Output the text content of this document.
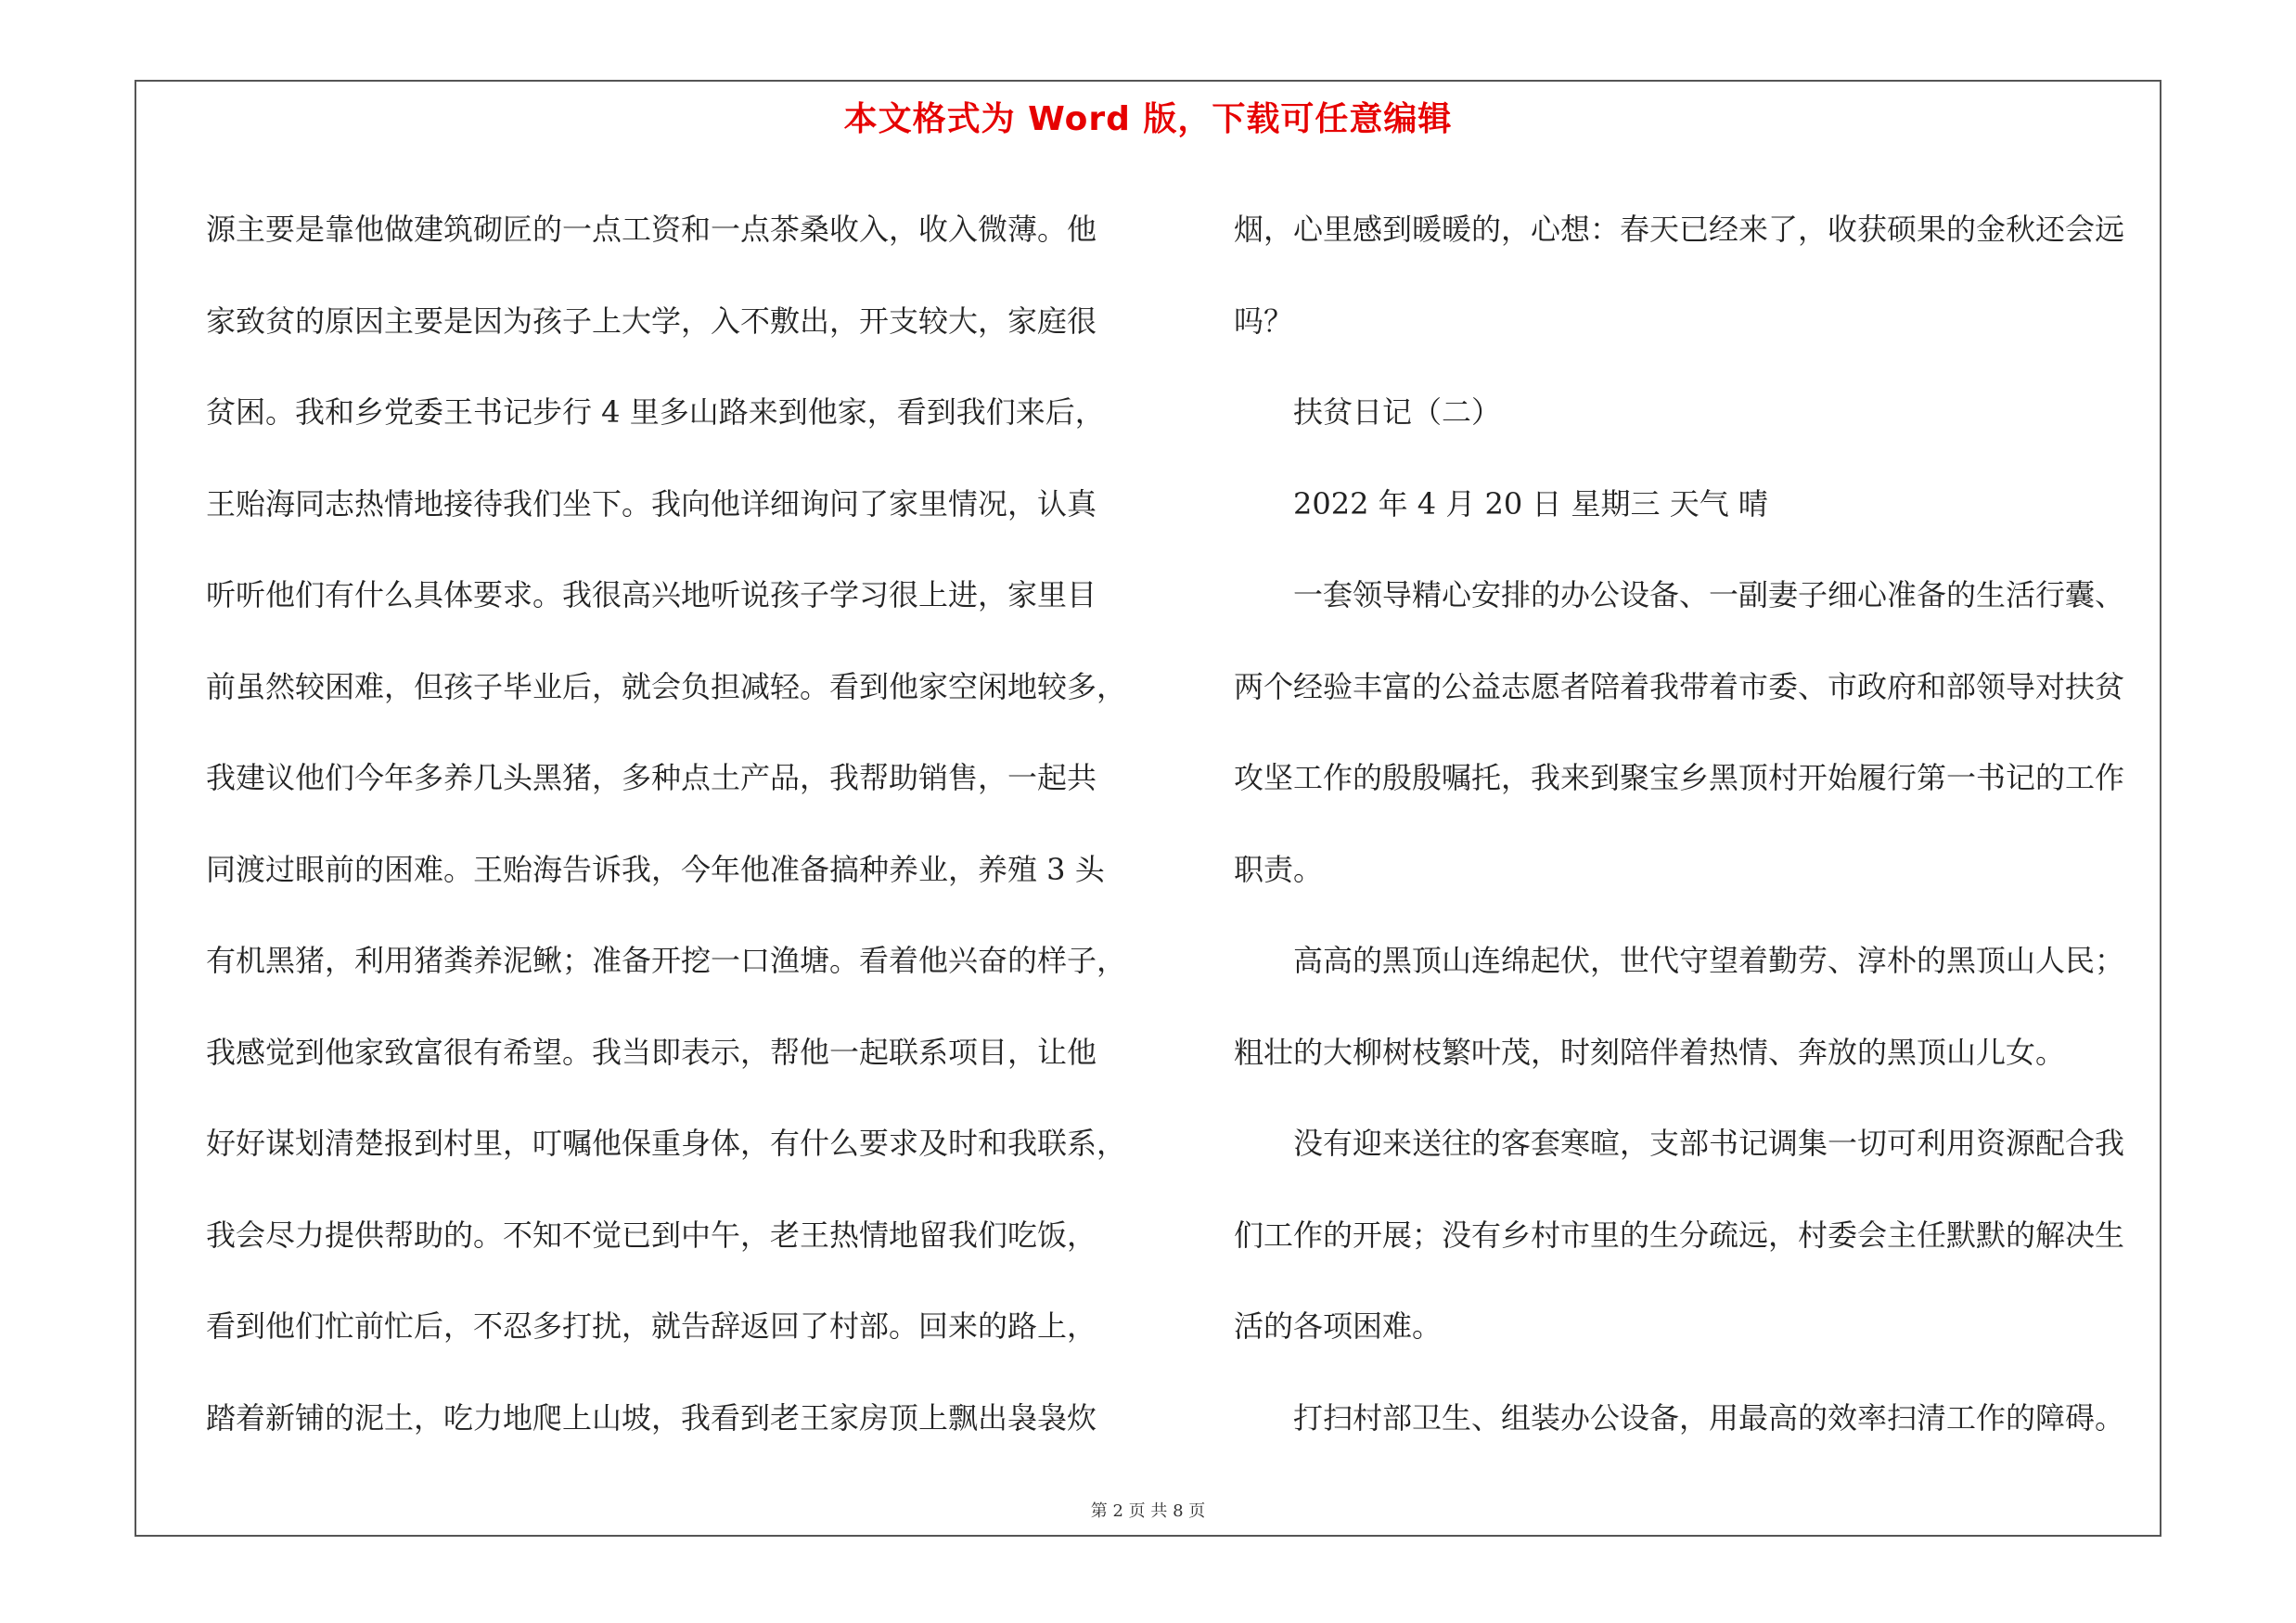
本文格式为 Word 版，下载可任意编辑
源主要是靠他做建筑砌匠的一点工资和一点茶桑收入，收入微薄。他
家致贫的原因主要是因为孩子上大学，入不敷出，开支较大，家庭很
贫困。我和乡党委王书记步行 4 里多山路来到他家，看到我们来后，
王贻海同志热情地接待我们坐下。我向他详细询问了家里情况，认真
听听他们有什么具体要求。我很高兴地听说孩子学习很上进，家里目
前虽然较困难，但孩子毕业后，就会负担减轻。看到他家空闲地较多，
我建议他们今年多养几头黑猪，多种点土产品，我帮助销售，一起共
同渡过眼前的困难。王贻海告诉我，今年他准备搞种养业，养殖 3 头
有机黑猪，利用猪粪养泥鳅；准备开挖一口渔塘。看着他兴奋的样子，
我感觉到他家致富很有希望。我当即表示，帮他一起联系项目，让他
好好谋划清楚报到村里，叮嘱他保重身体，有什么要求及时和我联系，
我会尽力提供帮助的。不知不觉已到中午，老王热情地留我们吃饭，
看到他们忙前忙后，不忍多打扰，就告辞返回了村部。回来的路上，
踏着新铺的泥土，吃力地爬上山坡，我看到老王家房顶上飘出袅袅炊
烟，心里感到暖暖的，心想：春天已经来了，收获硕果的金秋还会远
吗？
　　扶贫日记（二）
　　2022 年 4 月 20 日 星期三 天气 晴
　　一套领导精心安排的办公设备、一副妻子细心准备的生活行囊、
两个经验丰富的公益志愿者陪着我带着市委、市政府和部领导对扶贫
攻坚工作的殷殷嘱托，我来到聚宝乡黑顶村开始履行第一书记的工作
职责。
　　高高的黑顶山连绵起伏，世代守望着勤劳、淳朴的黑顶山人民；
粗壮的大柳树枝繁叶茂，时刻陪伴着热情、奔放的黑顶山儿女。
　　没有迎来送往的客套寒暄，支部书记调集一切可利用资源配合我
们工作的开展；没有乡村市里的生分疏远，村委会主任默默的解决生
活的各项困难。
　　打扫村部卫生、组装办公设备，用最高的效率扫清工作的障碍。
第 2 页 共 8 页
